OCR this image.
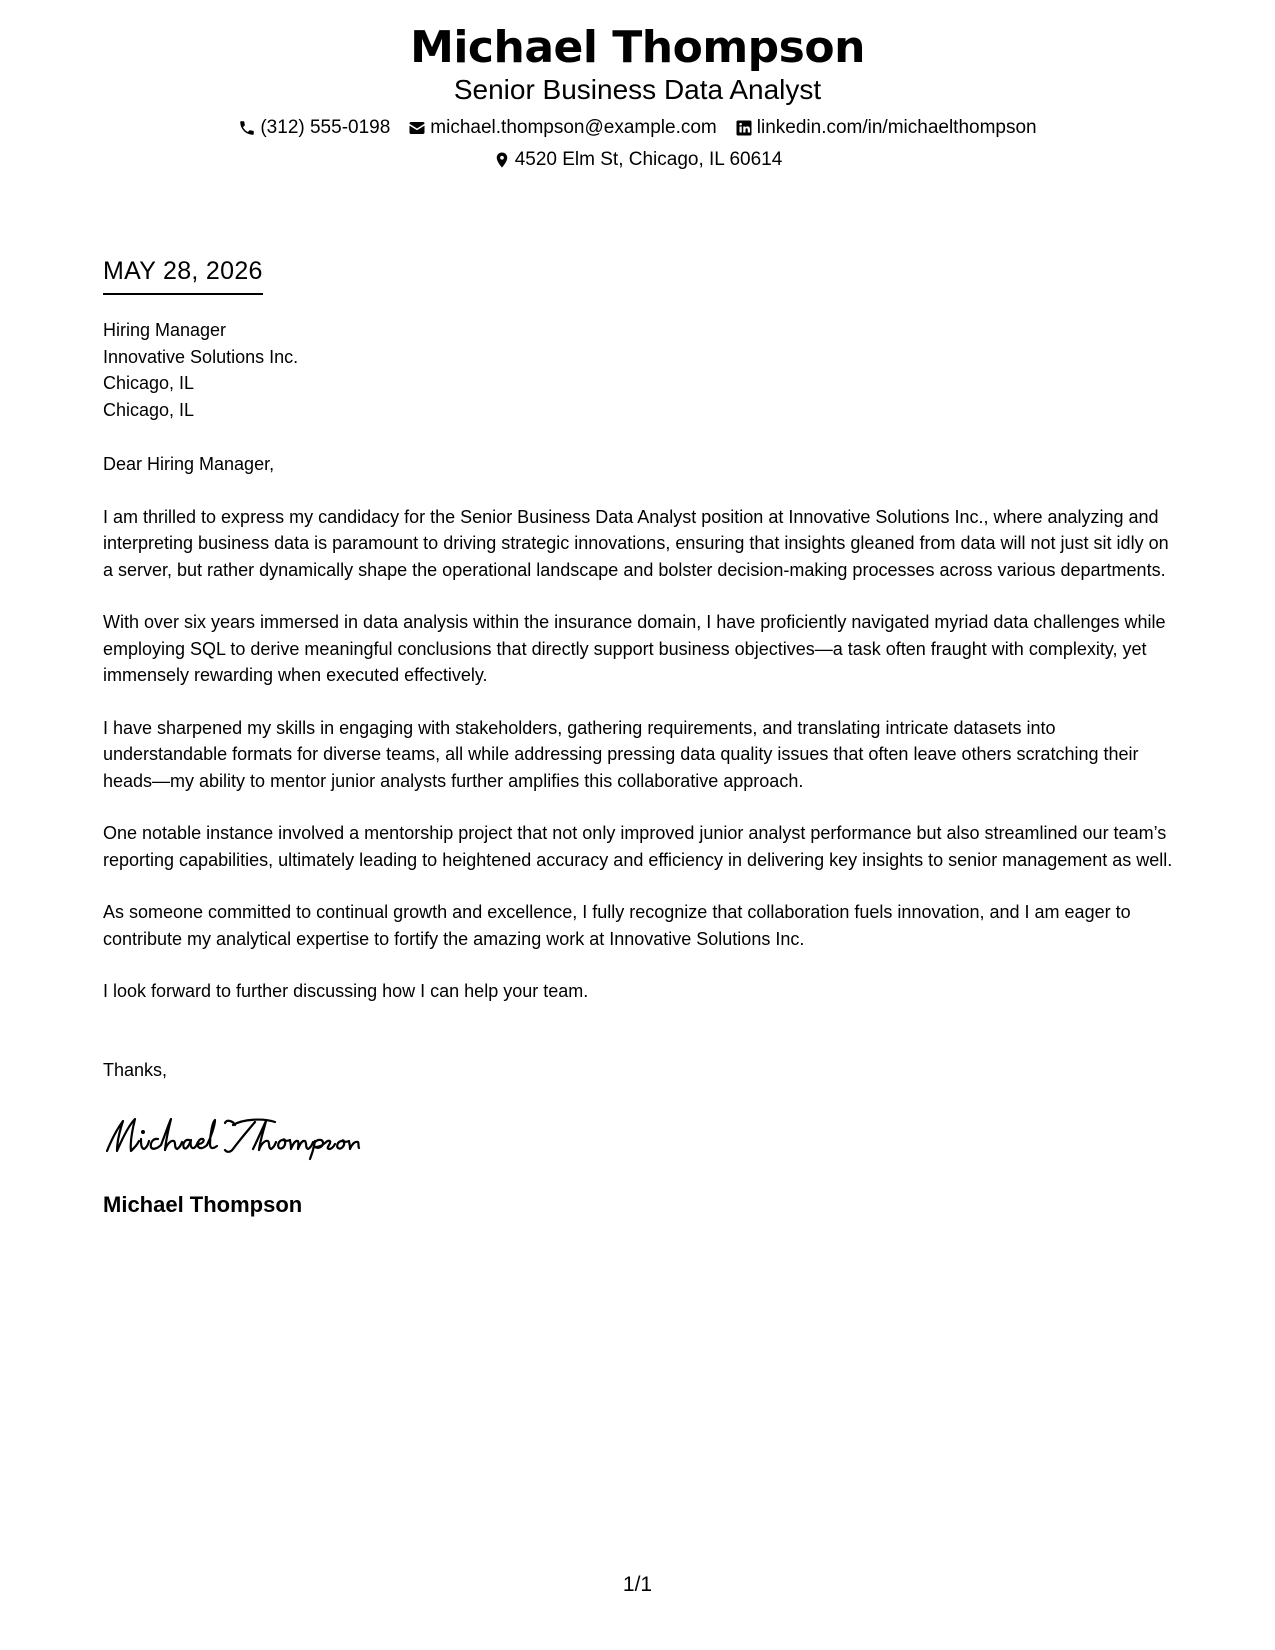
Michael Thompson
Senior Business Data Analyst
(312) 555-0198 michael.thompson@example.com linkedin.com/in/michaelthompson
4520 Elm St, Chicago, IL 60614
MAY 28, 2026
Hiring Manager
Innovative Solutions Inc.
Chicago, IL
Chicago, IL
Dear Hiring Manager,
I am thrilled to express my candidacy for the Senior Business Data Analyst position at Innovative Solutions Inc., where analyzing and interpreting business data is paramount to driving strategic innovations, ensuring that insights gleaned from data will not just sit idly on a server, but rather dynamically shape the operational landscape and bolster decision-making processes across various departments.
With over six years immersed in data analysis within the insurance domain, I have proficiently navigated myriad data challenges while employing SQL to derive meaningful conclusions that directly support business objectives—a task often fraught with complexity, yet immensely rewarding when executed effectively.
I have sharpened my skills in engaging with stakeholders, gathering requirements, and translating intricate datasets into understandable formats for diverse teams, all while addressing pressing data quality issues that often leave others scratching their heads—my ability to mentor junior analysts further amplifies this collaborative approach.
One notable instance involved a mentorship project that not only improved junior analyst performance but also streamlined our team’s reporting capabilities, ultimately leading to heightened accuracy and efficiency in delivering key insights to senior management as well.
As someone committed to continual growth and excellence, I fully recognize that collaboration fuels innovation, and I am eager to contribute my analytical expertise to fortify the amazing work at Innovative Solutions Inc.
I look forward to further discussing how I can help your team.
Thanks,
Michael Thompson
1/1
